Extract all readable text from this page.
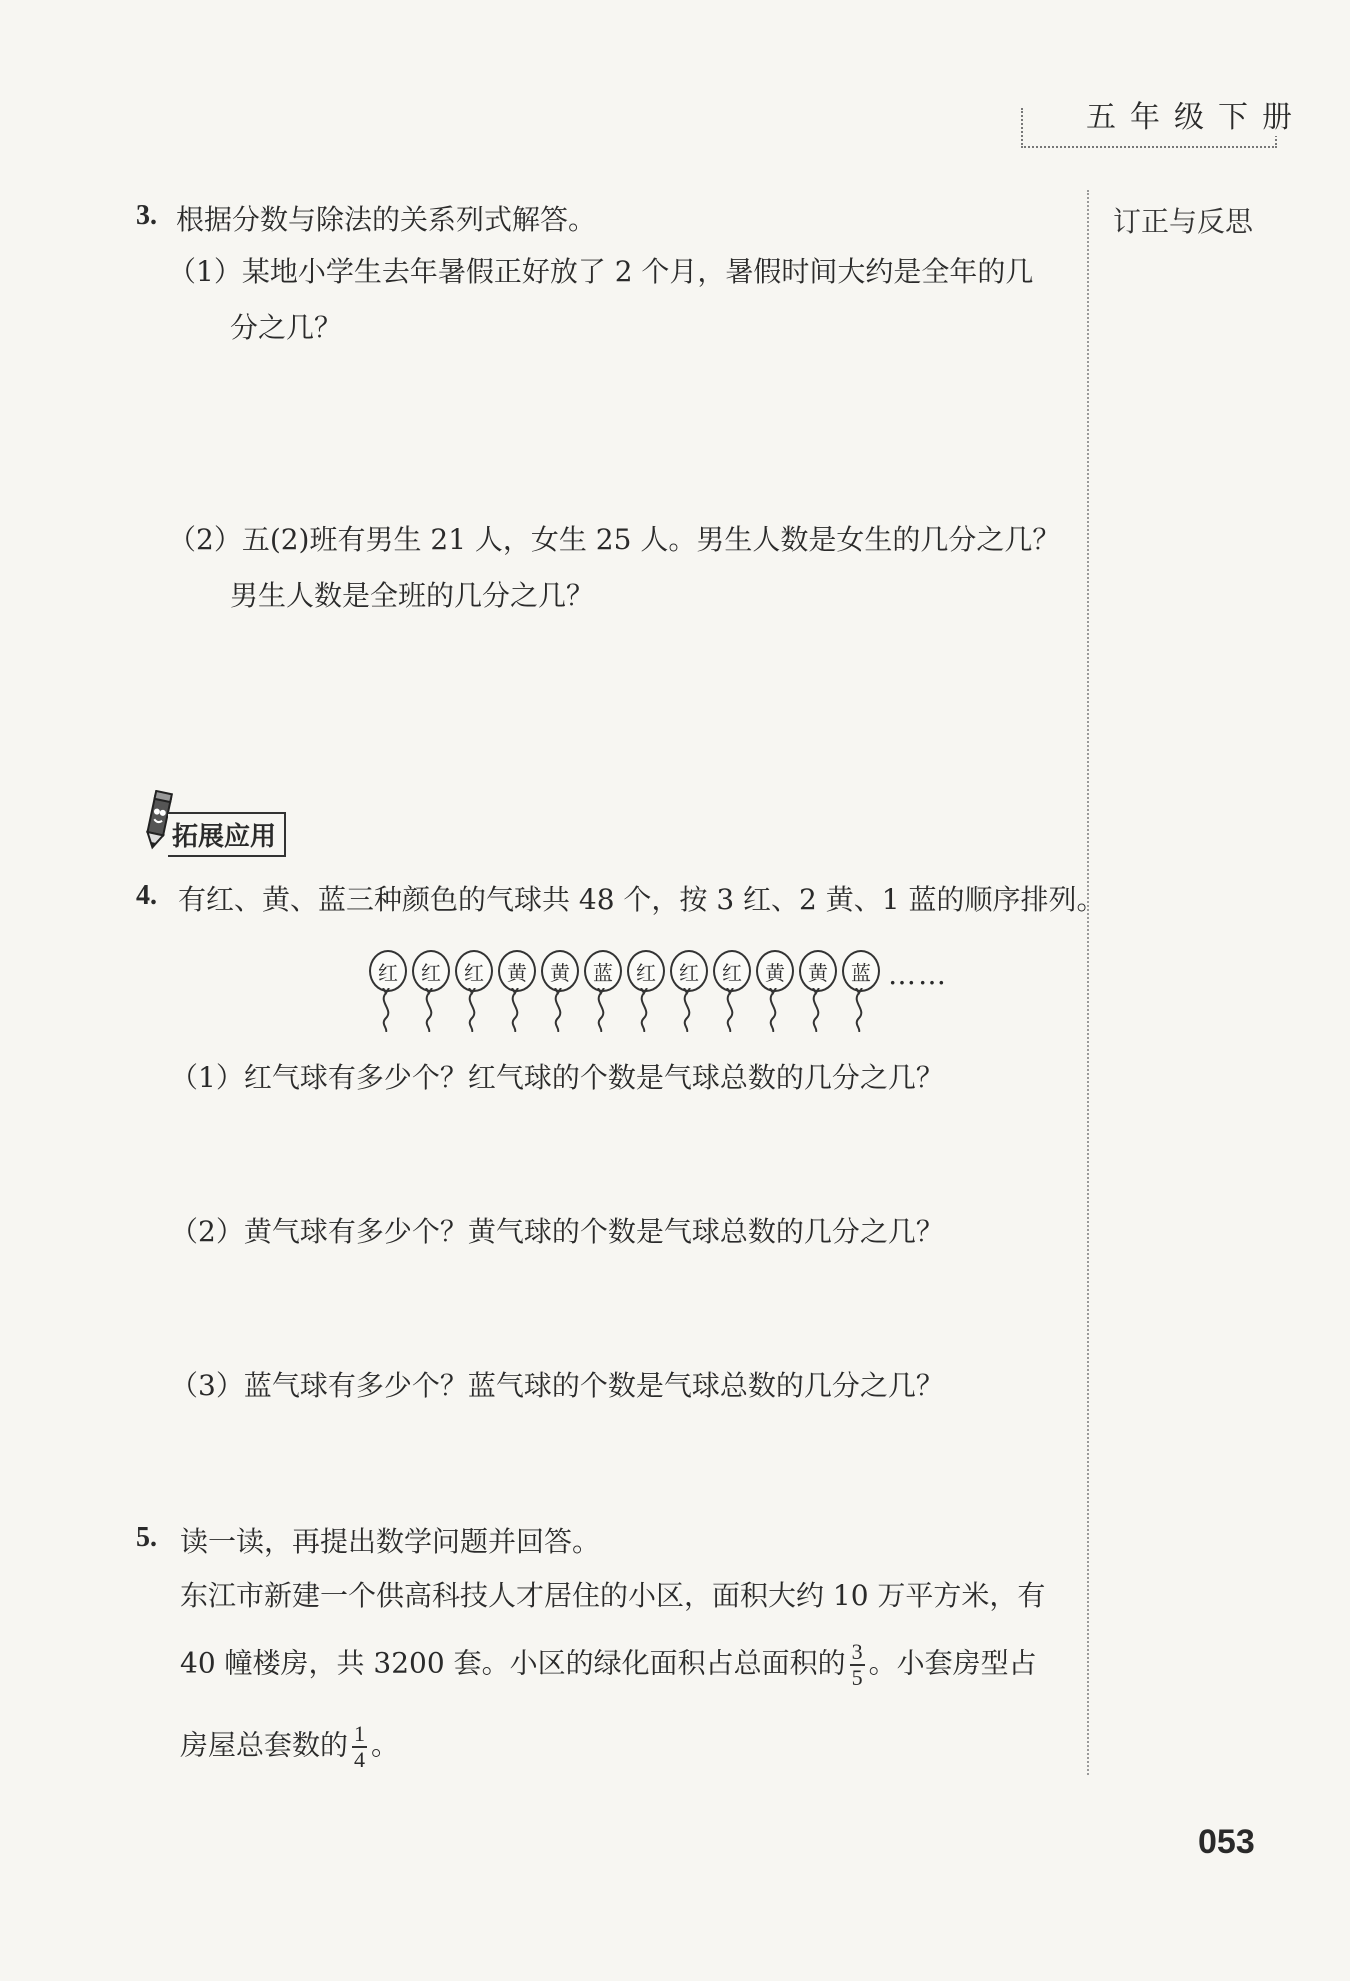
五年级下册
订正与反思
3. 根据分数与除法的关系列式解答。
（1）某地小学生去年暑假正好放了 2 个月，暑假时间大约是全年的几
分之几？
（2）五(2)班有男生 21 人，女生 25 人。男生人数是女生的几分之几？
男生人数是全班的几分之几？
拓展应用
4. 有红、黄、蓝三种颜色的气球共 48 个，按 3 红、2 黄、1 蓝的顺序排列。
红	红	红	黄	黄	蓝	红	红	红	黄	黄	蓝 ……
（1）红气球有多少个？红气球的个数是气球总数的几分之几？
（2）黄气球有多少个？黄气球的个数是气球总数的几分之几？
（3）蓝气球有多少个？蓝气球的个数是气球总数的几分之几？
5. 读一读，再提出数学问题并回答。
东江市新建一个供高科技人才居住的小区，面积大约 10 万平方米，有
40 幢楼房，共 3200 套。小区的绿化面积占总面积的 $\frac{3}{5}$ 。小套房型占
房屋总套数的 $\frac{1}{4}$ 。
053
